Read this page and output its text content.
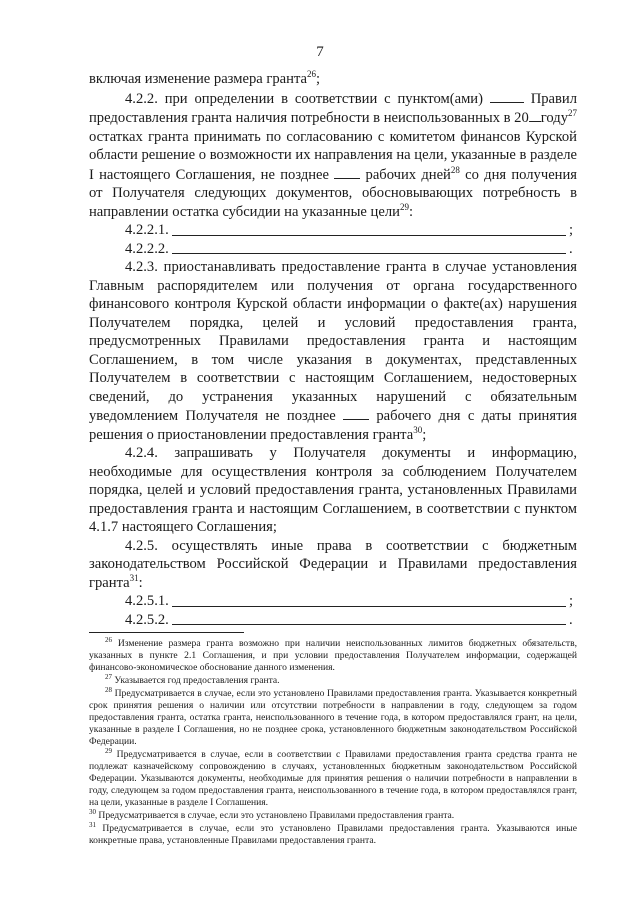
7

включая изменение размера гранта$^{26}$;

4.2.2. при определении в соответствии с пунктом(ами)  Правил предоставления гранта наличия потребности в неиспользованных в 20 году$^{27}$ остатках гранта принимать по согласованию с комитетом финансов Курской области решение о возможности их направления на цели, указанные в разделе I настоящего Соглашения, не позднее  рабочих дней$^{28}$ со дня получения от Получателя следующих документов, обосновывающих потребность в направлении остатка субсидии на указанные цели$^{29}$:

4.2.2.1.	;
4.2.2.2.	.

4.2.3. приостанавливать предоставление гранта в случае установления Главным распорядителем или получения от органа государственного финансового контроля Курской области информации о факте(ах) нарушения Получателем порядка, целей и условий предоставления гранта, предусмотренных Правилами предоставления гранта и настоящим Соглашением, в том числе указания в документах, представленных Получателем в соответствии с настоящим Соглашением, недостоверных сведений, до устранения указанных нарушений с обязательным уведомлением Получателя не позднее  рабочего дня с даты принятия решения о приостановлении предоставления гранта$^{30}$;

4.2.4. запрашивать у Получателя документы и информацию, необходимые для осуществления контроля за соблюдением Получателем порядка, целей и условий предоставления гранта, установленных Правилами предоставления гранта и настоящим Соглашением, в соответствии с пунктом 4.1.7 настоящего Соглашения;

4.2.5. осуществлять иные права в соответствии с бюджетным законодательством Российской Федерации и Правилами предоставления гранта$^{31}$:

4.2.5.1.	;
4.2.5.2.	.

$^{26}$ Изменение размера гранта возможно при наличии неиспользованных лимитов бюджетных обязательств, указанных в пункте 2.1 Соглашения, и при условии предоставления Получателем информации, содержащей финансово-экономическое обоснование данного изменения.

$^{27}$ Указывается год предоставления гранта.

$^{28}$ Предусматривается в случае, если это установлено Правилами предоставления гранта. Указывается конкретный срок принятия решения о наличии или отсутствии потребности в направлении в году, следующем за годом предоставления гранта, остатка гранта, неиспользованного в течение года, в котором предоставлялся грант, на цели, указанные в разделе I Соглашения, но не позднее срока, установленного бюджетным законодательством Российской Федерации.

$^{29}$ Предусматривается в случае, если в соответствии с Правилами предоставления гранта средства гранта не подлежат казначейскому сопровождению в случаях, установленных бюджетным законодательством Российской Федерации. Указываются документы, необходимые для принятия решения о наличии потребности в направлении в году, следующем за годом предоставления гранта, неиспользованного в течение года, в котором предоставлялся грант, на цели, указанные в разделе I Соглашения.

$^{30}$ Предусматривается в случае, если это установлено Правилами предоставления гранта.

$^{31}$ Предусматривается в случае, если это установлено Правилами предоставления гранта. Указываются иные конкретные права, установленные Правилами предоставления гранта.
